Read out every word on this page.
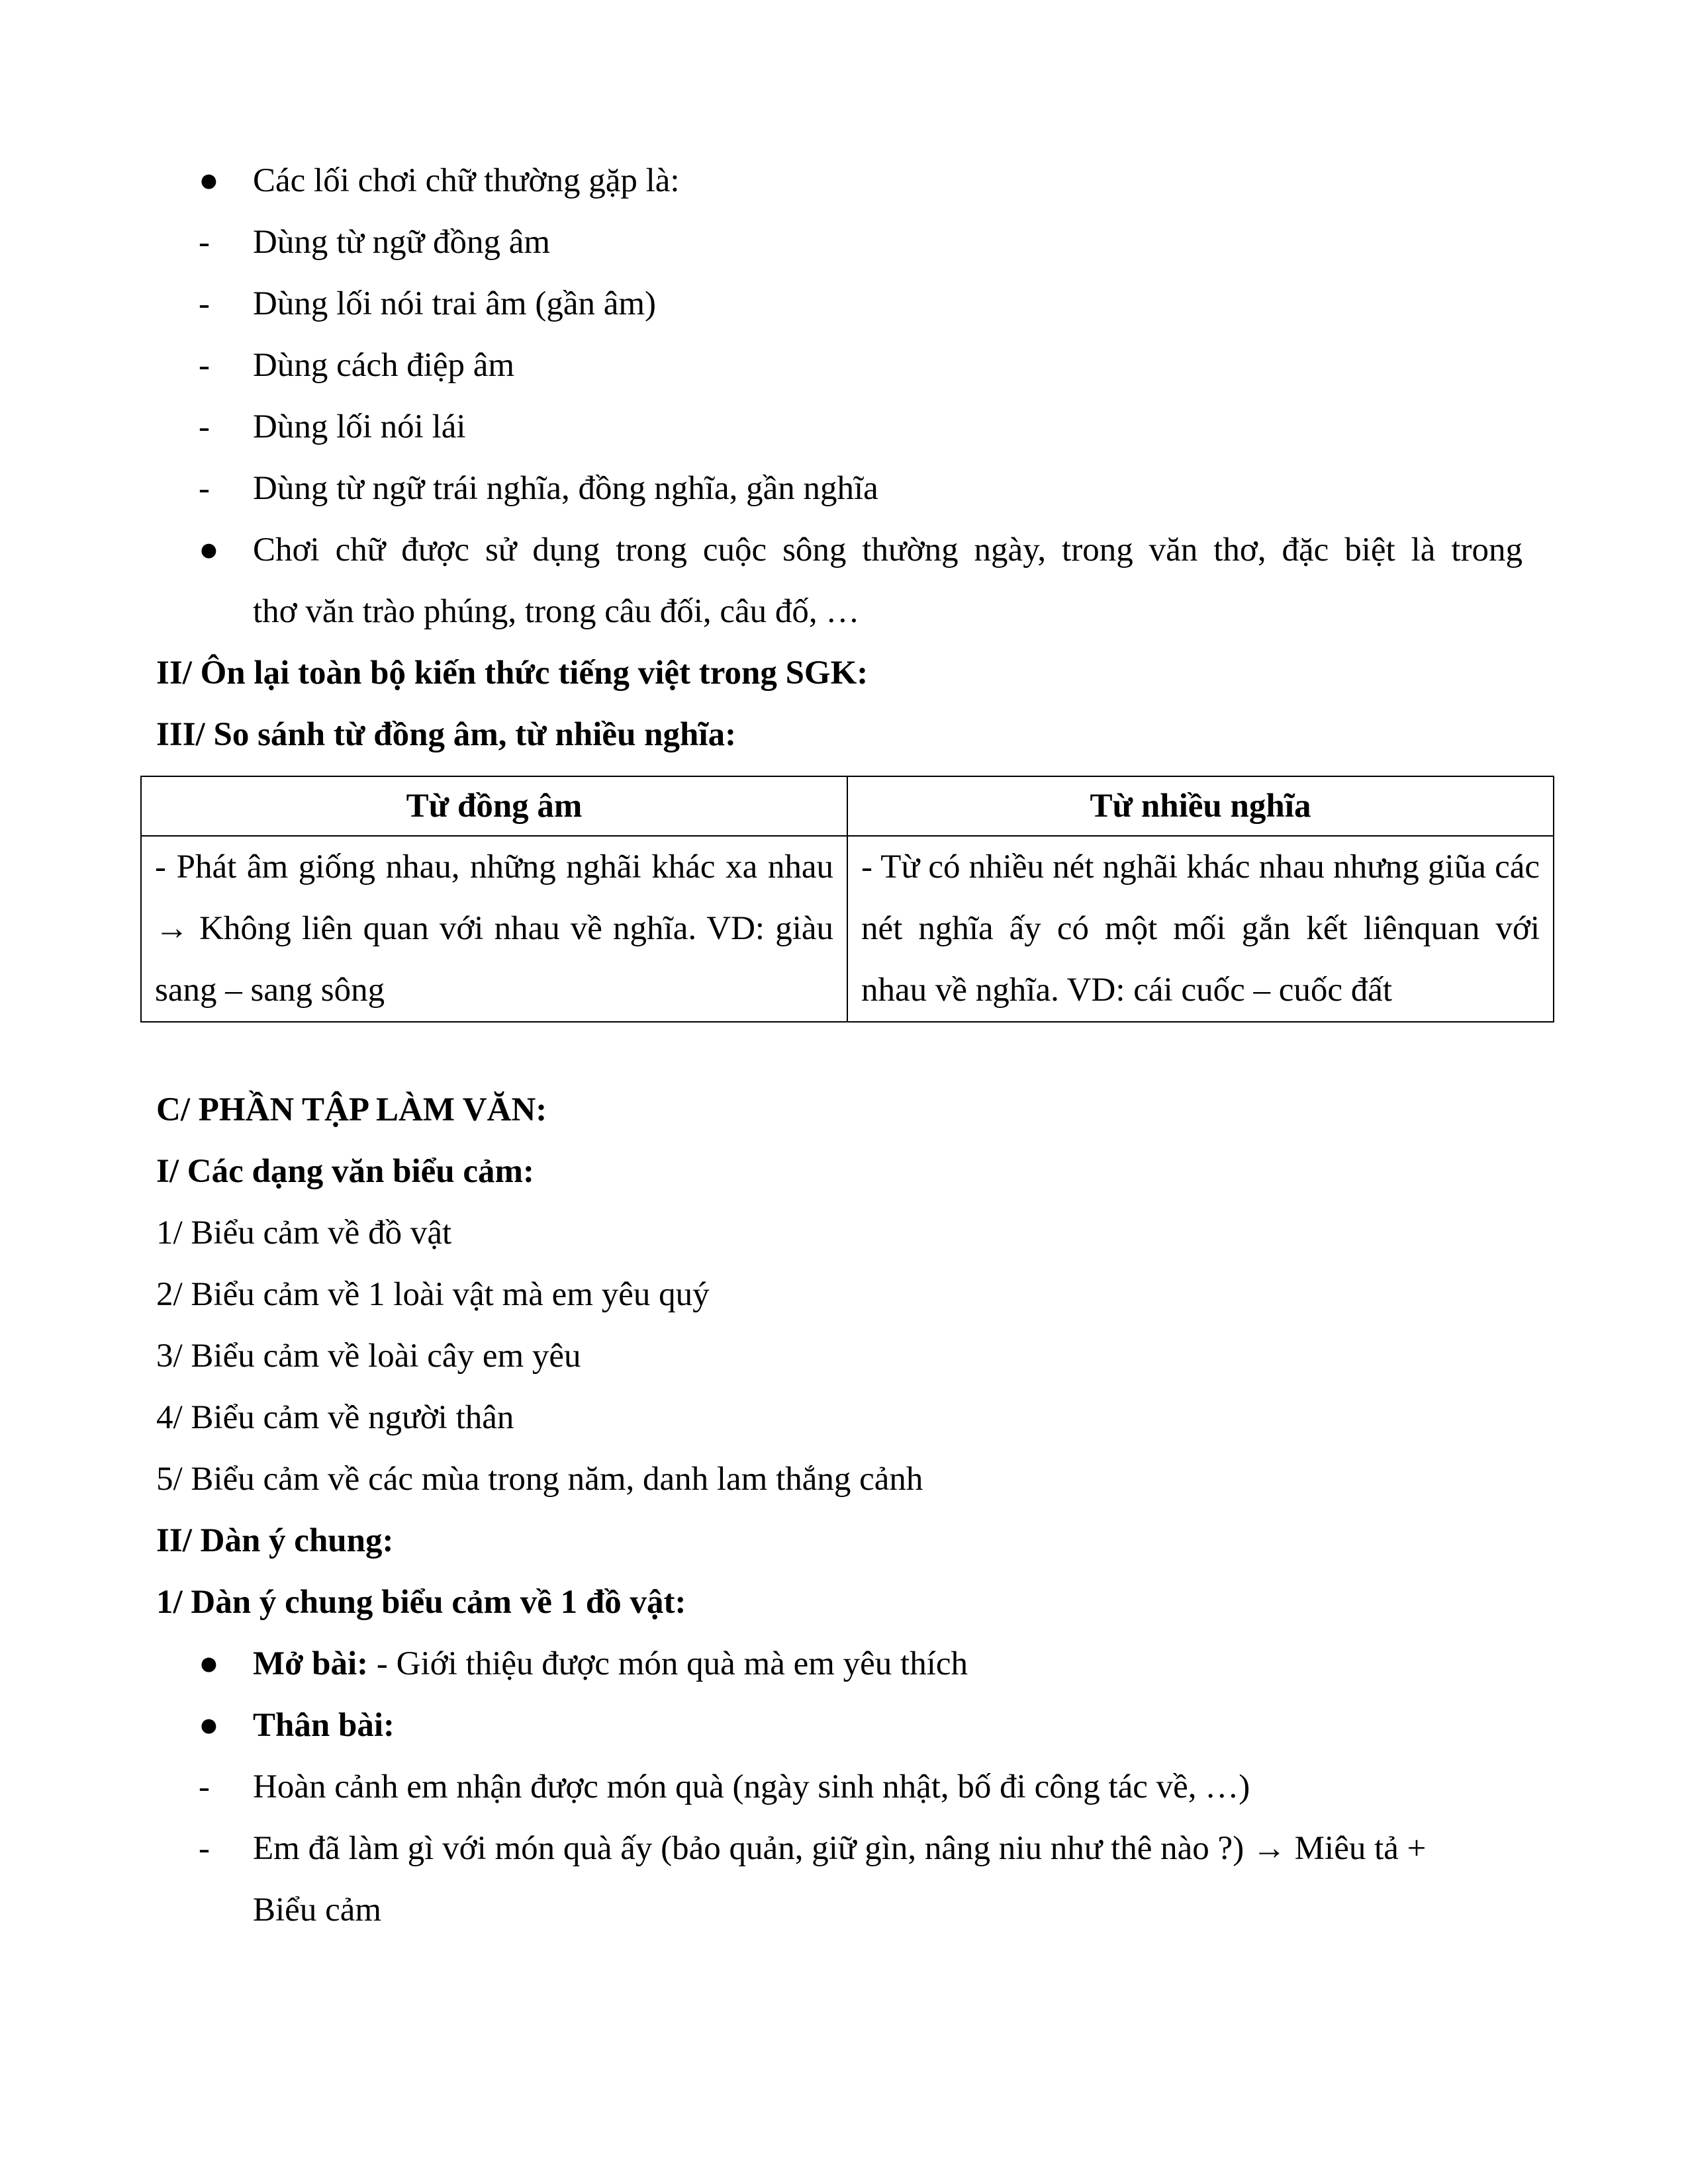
● Các lối chơi chữ thường gặp là:
- Dùng từ ngữ đồng âm
- Dùng lối nói trai âm (gần âm)
- Dùng cách điệp âm
- Dùng lối nói lái
- Dùng từ ngữ trái nghĩa, đồng nghĩa, gần nghĩa
● Chơi chữ được sử dụng trong cuộc sông thường ngày, trong văn thơ, đặc biệt là trong
thơ văn trào phúng, trong câu đối, câu đố, …
II/ Ôn lại toàn bộ kiến thức tiếng việt trong SGK:
III/ So sánh từ đồng âm, từ nhiều nghĩa:
Từ đồng âm	Từ nhiều nghĩa
- Phát âm giống nhau, những nghãi khác xa nhau → Không liên quan với nhau về nghĩa. VD: giàu sang – sang sông	- Từ có nhiều nét nghãi khác nhau nhưng giũa các nét nghĩa ấy có một mối gắn kết liênquan với nhau về nghĩa. VD: cái cuốc – cuốc đất
C/ PHẦN TẬP LÀM VĂN:
I/ Các dạng văn biểu cảm:
1/ Biểu cảm về đồ vật
2/ Biểu cảm về 1 loài vật mà em yêu quý
3/ Biểu cảm về loài cây em yêu
4/ Biểu cảm về người thân
5/ Biểu cảm về các mùa trong năm, danh lam thắng cảnh
II/ Dàn ý chung:
1/ Dàn ý chung biểu cảm về 1 đồ vật:
● Mở bài: - Giới thiệu được món quà mà em yêu thích
● Thân bài:
- Hoàn cảnh em nhận được món quà (ngày sinh nhật, bố đi công tác về, …)
- Em đã làm gì với món quà ấy (bảo quản, giữ gìn, nâng niu như thê nào ?) → Miêu tả +
Biểu cảm
